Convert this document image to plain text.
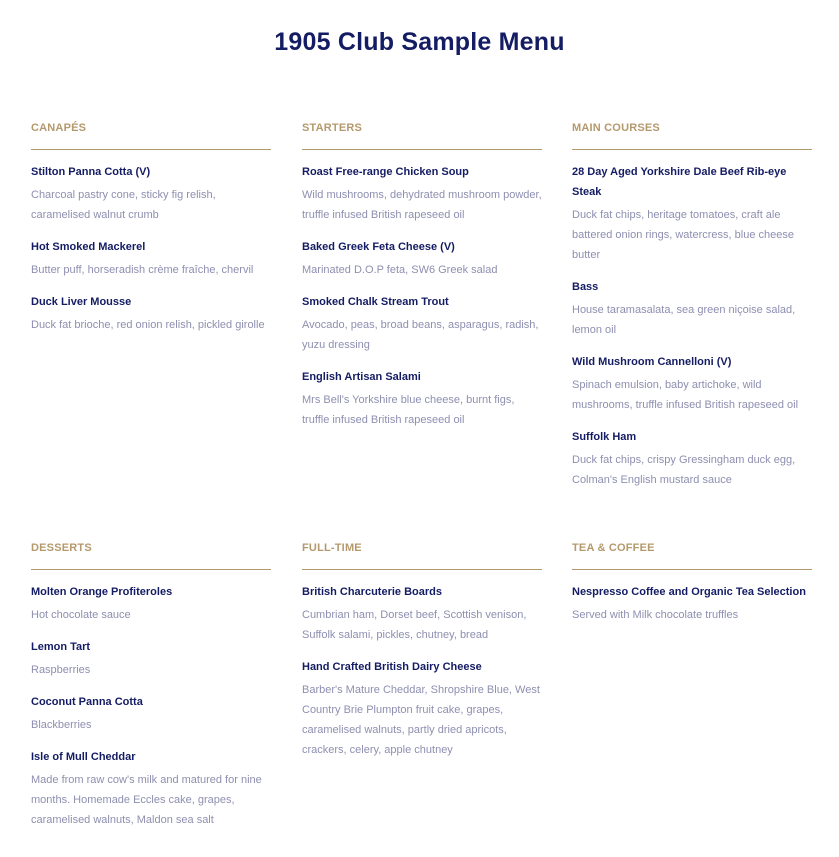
1905 Club Sample Menu
CANAPÉS
Stilton Panna Cotta (V)
Charcoal pastry cone, sticky fig relish, caramelised walnut crumb
Hot Smoked Mackerel
Butter puff, horseradish crème fraîche, chervil
Duck Liver Mousse
Duck fat brioche, red onion relish, pickled girolle
STARTERS
Roast Free-range Chicken Soup
Wild mushrooms, dehydrated mushroom powder, truffle infused British rapeseed oil
Baked Greek Feta Cheese (V)
Marinated D.O.P feta, SW6 Greek salad
Smoked Chalk Stream Trout
Avocado, peas, broad beans, asparagus, radish, yuzu dressing
English Artisan Salami
Mrs Bell's Yorkshire blue cheese, burnt figs, truffle infused British rapeseed oil
MAIN COURSES
28 Day Aged Yorkshire Dale Beef Rib-eye Steak
Duck fat chips, heritage tomatoes, craft ale battered onion rings, watercress, blue cheese butter
Bass
House taramasalata, sea green niçoise salad, lemon oil
Wild Mushroom Cannelloni (V)
Spinach emulsion, baby artichoke, wild mushrooms, truffle infused British rapeseed oil
Suffolk Ham
Duck fat chips, crispy Gressingham duck egg, Colman's English mustard sauce
DESSERTS
Molten Orange Profiteroles
Hot chocolate sauce
Lemon Tart
Raspberries
Coconut Panna Cotta
Blackberries
Isle of Mull Cheddar
Made from raw cow's milk and matured for nine months. Homemade Eccles cake, grapes, caramelised walnuts, Maldon sea salt
FULL-TIME
British Charcuterie Boards
Cumbrian ham, Dorset beef, Scottish venison, Suffolk salami, pickles, chutney, bread
Hand Crafted British Dairy Cheese
Barber's Mature Cheddar, Shropshire Blue, West Country Brie Plumpton fruit cake, grapes, caramelised walnuts, partly dried apricots, crackers, celery, apple chutney
TEA & COFFEE
Nespresso Coffee and Organic Tea Selection
Served with Milk chocolate truffles
